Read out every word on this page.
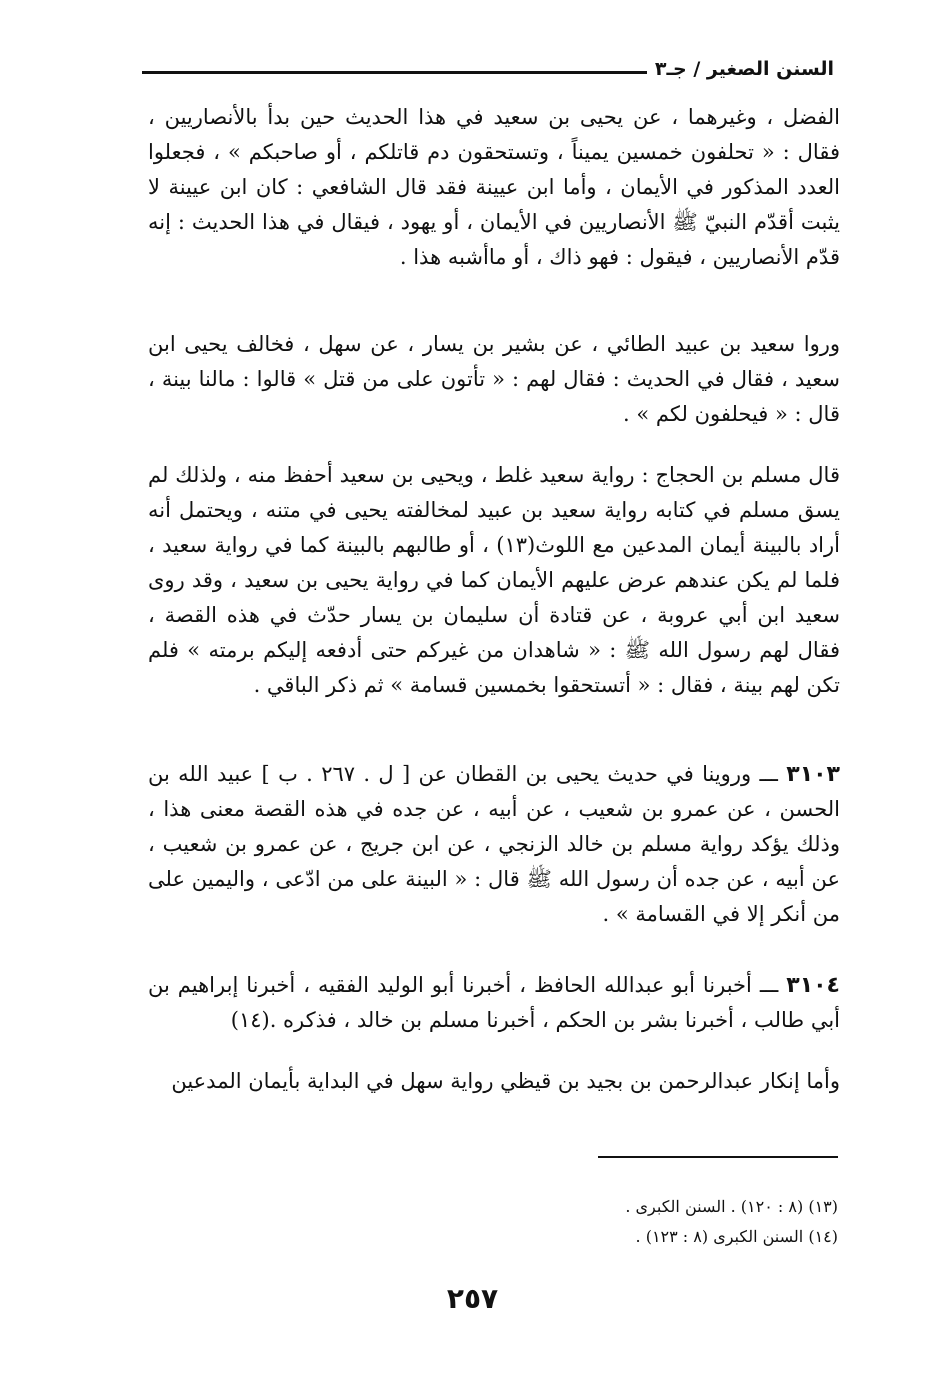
السنن الصغير / جـ٣

الفضل ، وغيرهما ، عن يحيى بن سعيد في هذا الحديث حين بدأ بالأنصاريين ، فقال : « تحلفون خمسين يميناً ، وتستحقون دم قاتلكم ، أو صاحبكم » ، فجعلوا العدد المذكور في الأيمان ، وأما ابن عيينة فقد قال الشافعي : كان ابن عيينة لا يثبت أقدّم النبيّ ﷺ الأنصاريين في الأيمان ، أو يهود ، فيقال في هذا الحديث : إنه قدّم الأنصاريين ، فيقول : فهو ذاك ، أو ماأشبه هذا .

وروا سعيد بن عبيد الطائي ، عن بشير بن يسار ، عن سهل ، فخالف يحيى ابن سعيد ، فقال في الحديث : فقال لهم : « تأتون على من قتل » قالوا : مالنا بينة ، قال : « فيحلفون لكم » .

قال مسلم بن الحجاج : رواية سعيد غلط ، ويحيى بن سعيد أحفظ منه ، ولذلك لم يسق مسلم في كتابه رواية سعيد بن عبيد لمخالفته يحيى في متنه ، ويحتمل أنه أراد بالبينة أيمان المدعين مع اللوث(١٣) ، أو طالبهم بالبينة كما في رواية سعيد ، فلما لم يكن عندهم عرض عليهم الأيمان كما في رواية يحيى بن سعيد ، وقد روى سعيد ابن أبي عروبة ، عن قتادة أن سليمان بن يسار حدّث في هذه القصة ، فقال لهم رسول الله ﷺ : « شاهدان من غيركم حتى أدفعه إليكم برمته » فلم تكن لهم بينة ، فقال : « أتستحقوا بخمسين قسامة » ثم ذكر الباقي .

٣١٠٣ ـــ وروينا في حديث يحيى بن القطان عن [ ل . ٢٦٧ . ب ] عبيد الله بن الحسن ، عن عمرو بن شعيب ، عن أبيه ، عن جده في هذه القصة معنى هذا ، وذلك يؤكد رواية مسلم بن خالد الزنجي ، عن ابن جريج ، عن عمرو بن شعيب ، عن أبيه ، عن جده أن رسول الله ﷺ قال : « البينة على من ادّعى ، واليمين على من أنكر إلا في القسامة » .

٣١٠٤ ـــ أخبرنا أبو عبدالله الحافظ ، أخبرنا أبو الوليد الفقيه ، أخبرنا إبراهيم بن أبي طالب ، أخبرنا بشر بن الحكم ، أخبرنا مسلم بن خالد ، فذكره .(١٤)

وأما إنكار عبدالرحمن بن بجيد بن قيظي رواية سهل في البداية بأيمان المدعين

(١٣) (٨ : ١٢٠) . السنن الكبرى .
(١٤) السنن الكبرى (٨ : ١٢٣) .
٢٥٧
